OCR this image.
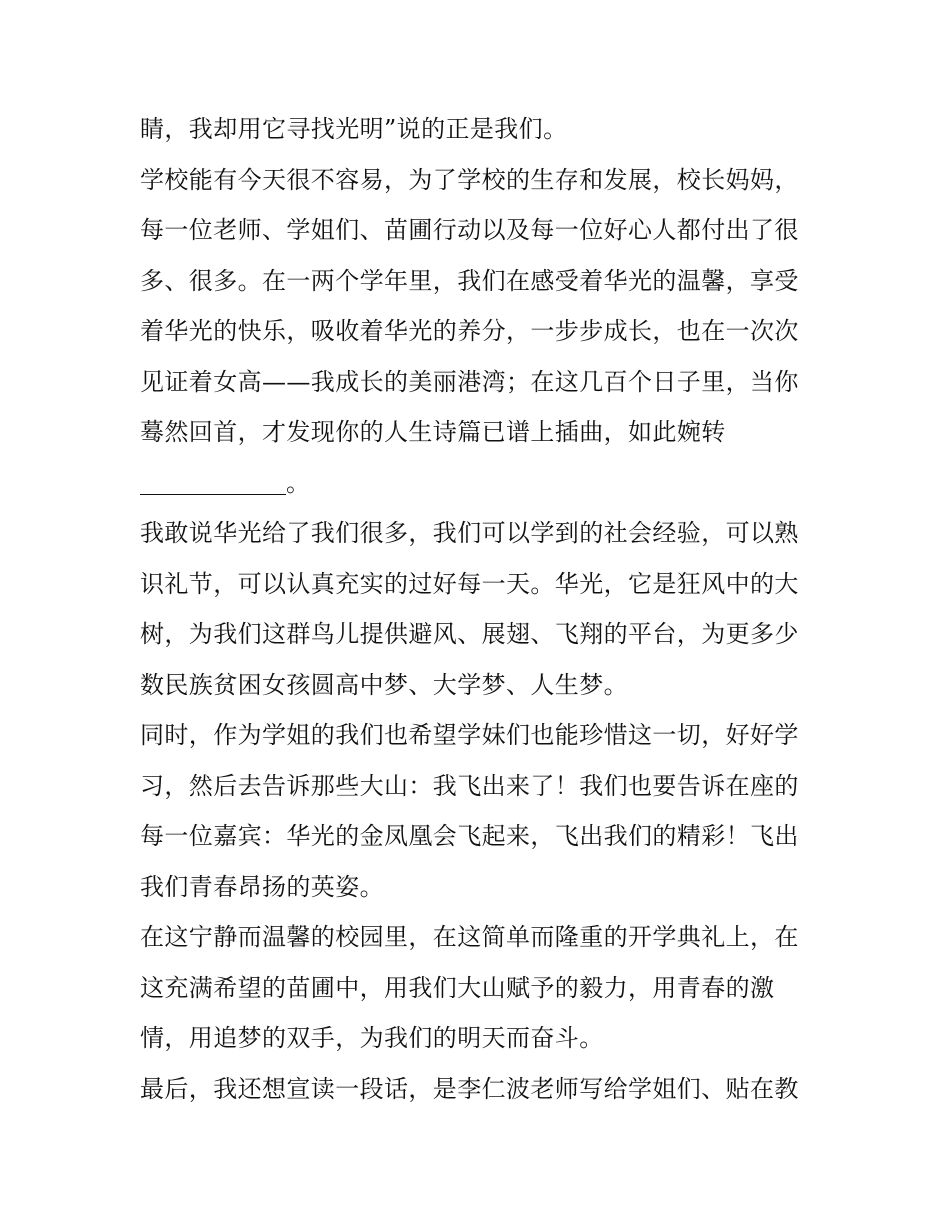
睛，我却用它寻找光明”说的正是我们。

学校能有今天很不容易，为了学校的生存和发展，校长妈妈，
每一位老师、学姐们、苗圃行动以及每一位好心人都付出了很
多、很多。在一两个学年里，我们在感受着华光的温馨，享受
着华光的快乐，吸收着华光的养分，一步步成长，也在一次次
见证着女高——我成长的美丽港湾；在这几百个日子里，当你
蓦然回首，才发现你的人生诗篇已谱上插曲，如此婉转
。

我敢说华光给了我们很多，我们可以学到的社会经验，可以熟
识礼节，可以认真充实的过好每一天。华光，它是狂风中的大
树，为我们这群鸟儿提供避风、展翅、飞翔的平台，为更多少
数民族贫困女孩圆高中梦、大学梦、人生梦。

同时，作为学姐的我们也希望学妹们也能珍惜这一切，好好学
习，然后去告诉那些大山：我飞出来了！我们也要告诉在座的
每一位嘉宾：华光的金凤凰会飞起来，飞出我们的精彩！飞出
我们青春昂扬的英姿。

在这宁静而温馨的校园里，在这简单而隆重的开学典礼上，在
这充满希望的苗圃中，用我们大山赋予的毅力，用青春的激
情，用追梦的双手，为我们的明天而奋斗。

最后，我还想宣读一段话，是李仁波老师写给学姐们、贴在教
